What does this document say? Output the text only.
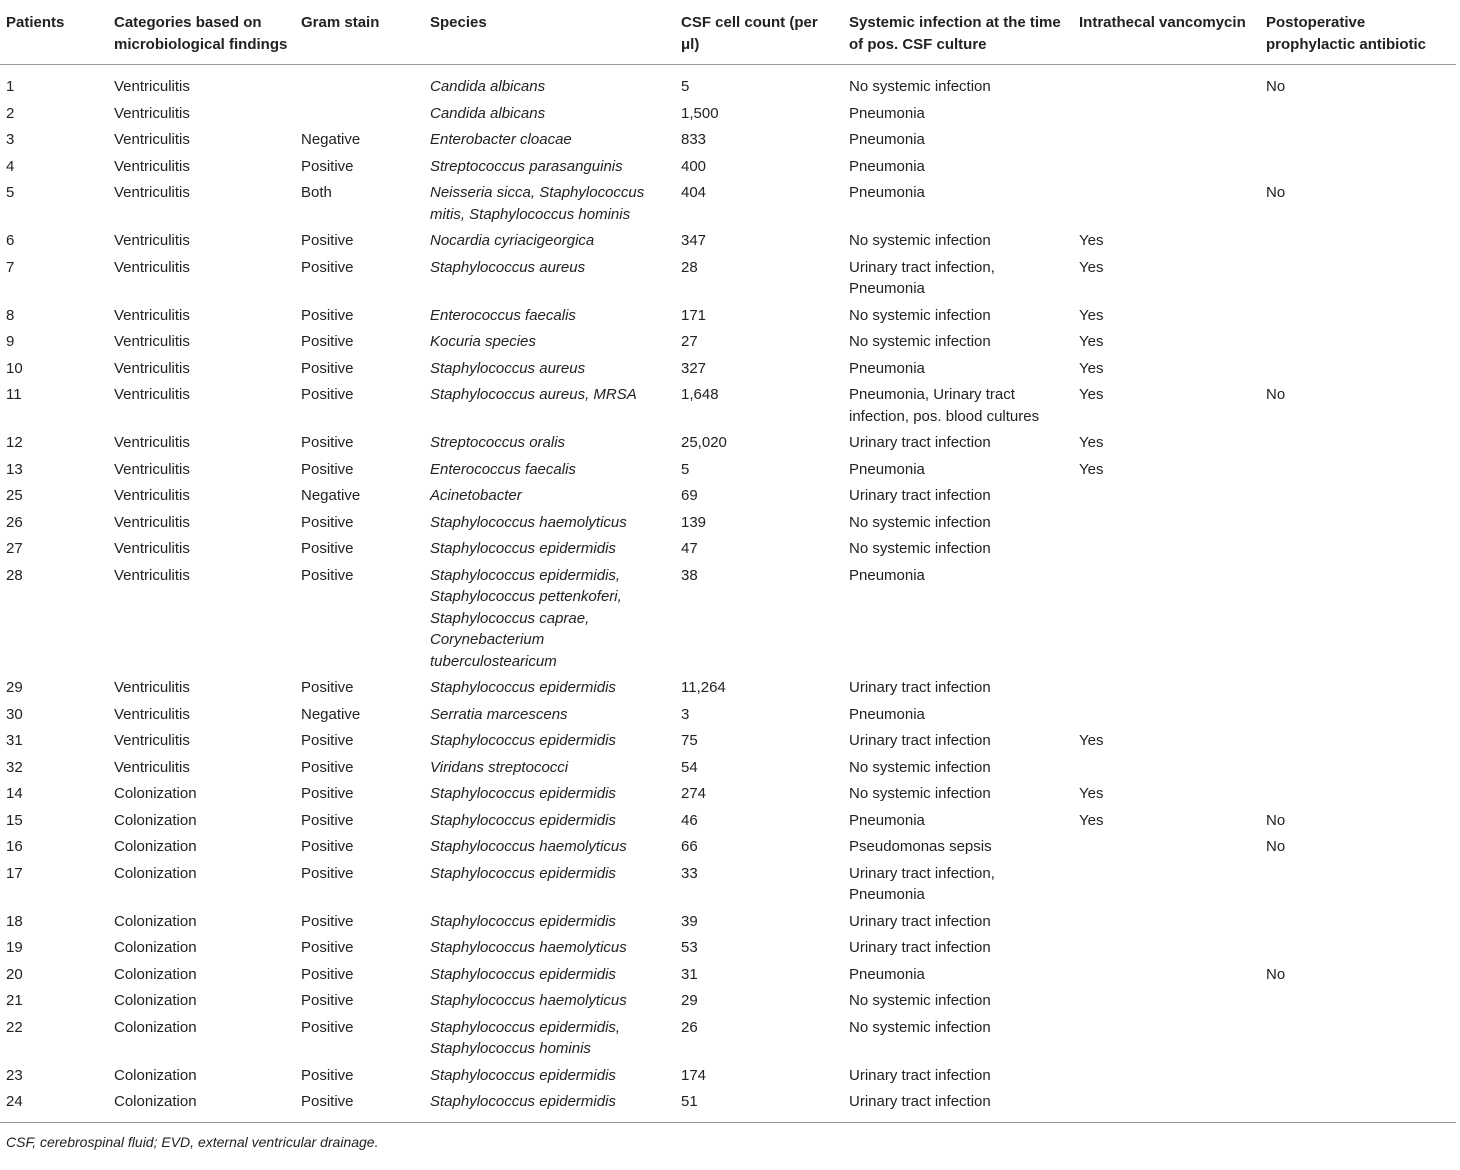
Patients	Categories based on microbiological findings	Gram stain	Species	CSF cell count (per μl)	Systemic infection at the time of pos. CSF culture	Intrathecal vancomycin	Postoperative prophylactic antibiotic
1	Ventriculitis		Candida albicans	5	No systemic infection		No
2	Ventriculitis		Candida albicans	1,500	Pneumonia		
3	Ventriculitis	Negative	Enterobacter cloacae	833	Pneumonia		
4	Ventriculitis	Positive	Streptococcus parasanguinis	400	Pneumonia		
5	Ventriculitis	Both	Neisseria sicca, Staphylococcus mitis, Staphylococcus hominis	404	Pneumonia		No
6	Ventriculitis	Positive	Nocardia cyriacigeorgica	347	No systemic infection	Yes	
7	Ventriculitis	Positive	Staphylococcus aureus	28	Urinary tract infection, Pneumonia	Yes	
8	Ventriculitis	Positive	Enterococcus faecalis	171	No systemic infection	Yes	
9	Ventriculitis	Positive	Kocuria species	27	No systemic infection	Yes	
10	Ventriculitis	Positive	Staphylococcus aureus	327	Pneumonia	Yes	
11	Ventriculitis	Positive	Staphylococcus aureus, MRSA	1,648	Pneumonia, Urinary tract infection, pos. blood cultures	Yes	No
12	Ventriculitis	Positive	Streptococcus oralis	25,020	Urinary tract infection	Yes	
13	Ventriculitis	Positive	Enterococcus faecalis	5	Pneumonia	Yes	
25	Ventriculitis	Negative	Acinetobacter	69	Urinary tract infection		
26	Ventriculitis	Positive	Staphylococcus haemolyticus	139	No systemic infection		
27	Ventriculitis	Positive	Staphylococcus epidermidis	47	No systemic infection		
28	Ventriculitis	Positive	Staphylococcus epidermidis, Staphylococcus pettenkoferi, Staphylococcus caprae, Corynebacterium tuberculostearicum	38	Pneumonia		
29	Ventriculitis	Positive	Staphylococcus epidermidis	11,264	Urinary tract infection		
30	Ventriculitis	Negative	Serratia marcescens	3	Pneumonia		
31	Ventriculitis	Positive	Staphylococcus epidermidis	75	Urinary tract infection	Yes	
32	Ventriculitis	Positive	Viridans streptococci	54	No systemic infection		
14	Colonization	Positive	Staphylococcus epidermidis	274	No systemic infection	Yes	
15	Colonization	Positive	Staphylococcus epidermidis	46	Pneumonia	Yes	No
16	Colonization	Positive	Staphylococcus haemolyticus	66	Pseudomonas sepsis		No
17	Colonization	Positive	Staphylococcus epidermidis	33	Urinary tract infection, Pneumonia		
18	Colonization	Positive	Staphylococcus epidermidis	39	Urinary tract infection		
19	Colonization	Positive	Staphylococcus haemolyticus	53	Urinary tract infection		
20	Colonization	Positive	Staphylococcus epidermidis	31	Pneumonia		No
21	Colonization	Positive	Staphylococcus haemolyticus	29	No systemic infection		
22	Colonization	Positive	Staphylococcus epidermidis, Staphylococcus hominis	26	No systemic infection		
23	Colonization	Positive	Staphylococcus epidermidis	174	Urinary tract infection		
24	Colonization	Positive	Staphylococcus epidermidis	51	Urinary tract infection		
CSF, cerebrospinal fluid; EVD, external ventricular drainage.							
